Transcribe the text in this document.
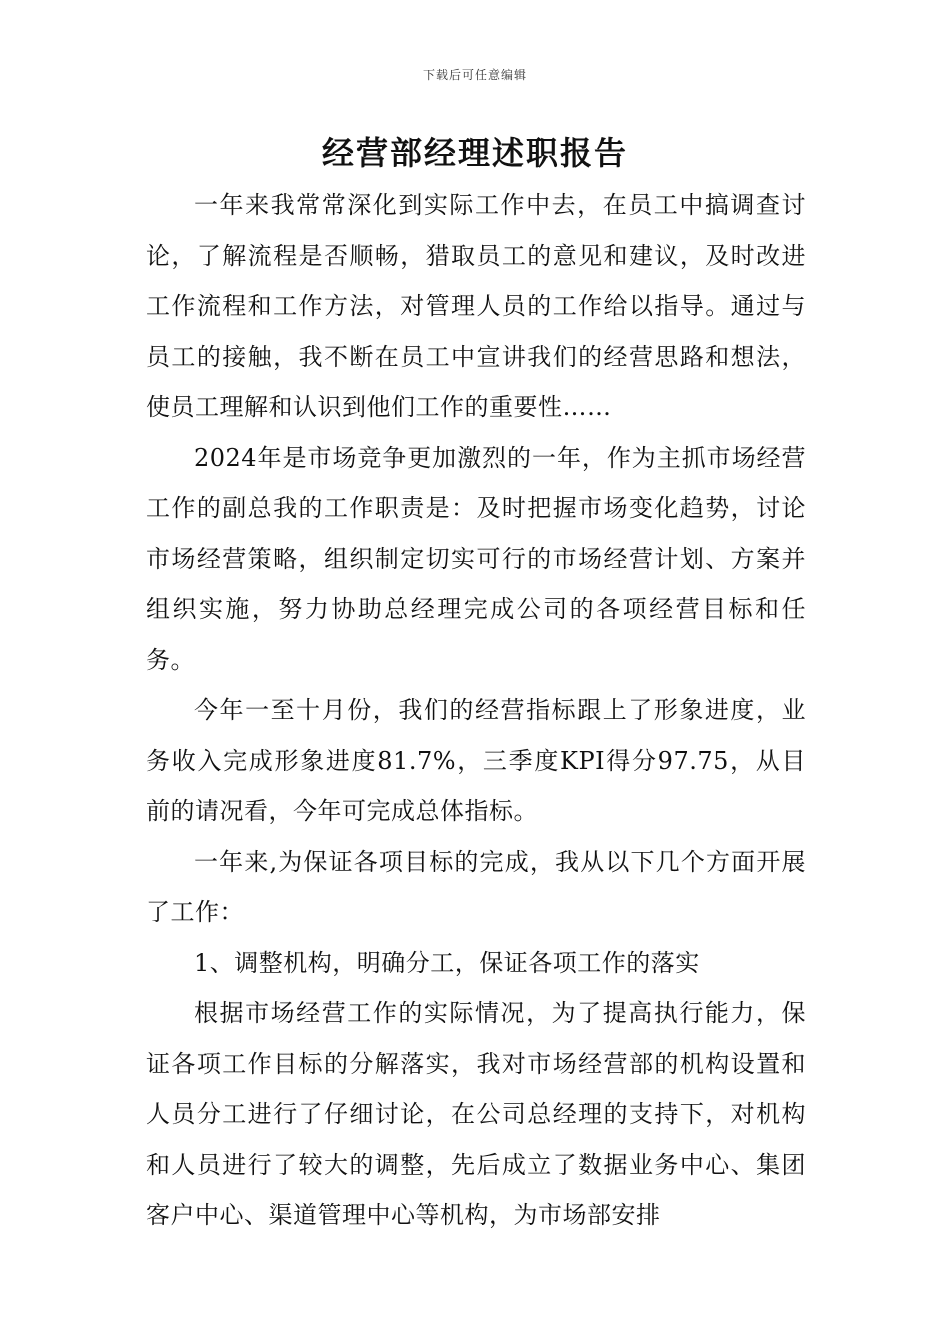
下载后可任意编辑
经营部经理述职报告

一年来我常常深化到实际工作中去，在员工中搞调查讨论，了解流程是否顺畅，猎取员工的意见和建议，及时改进工作流程和工作方法，对管理人员的工作给以指导。通过与员工的接触，我不断在员工中宣讲我们的经营思路和想法，使员工理解和认识到他们工作的重要性……

2024年是市场竞争更加激烈的一年，作为主抓市场经营工作的副总我的工作职责是：及时把握市场变化趋势，讨论市场经营策略，组织制定切实可行的市场经营计划、方案并组织实施，努力协助总经理完成公司的各项经营目标和任务。

今年一至十月份，我们的经营指标跟上了形象进度，业务收入完成形象进度81.7%，三季度KPI得分97.75，从目前的请况看，今年可完成总体指标。

一年来,为保证各项目标的完成，我从以下几个方面开展了工作：

1、调整机构，明确分工，保证各项工作的落实

根据市场经营工作的实际情况，为了提高执行能力，保证各项工作目标的分解落实，我对市场经营部的机构设置和人员分工进行了仔细讨论，在公司总经理的支持下，对机构和人员进行了较大的调整，先后成立了数据业务中心、集团客户中心、渠道管理中心等机构，为市场部安排
